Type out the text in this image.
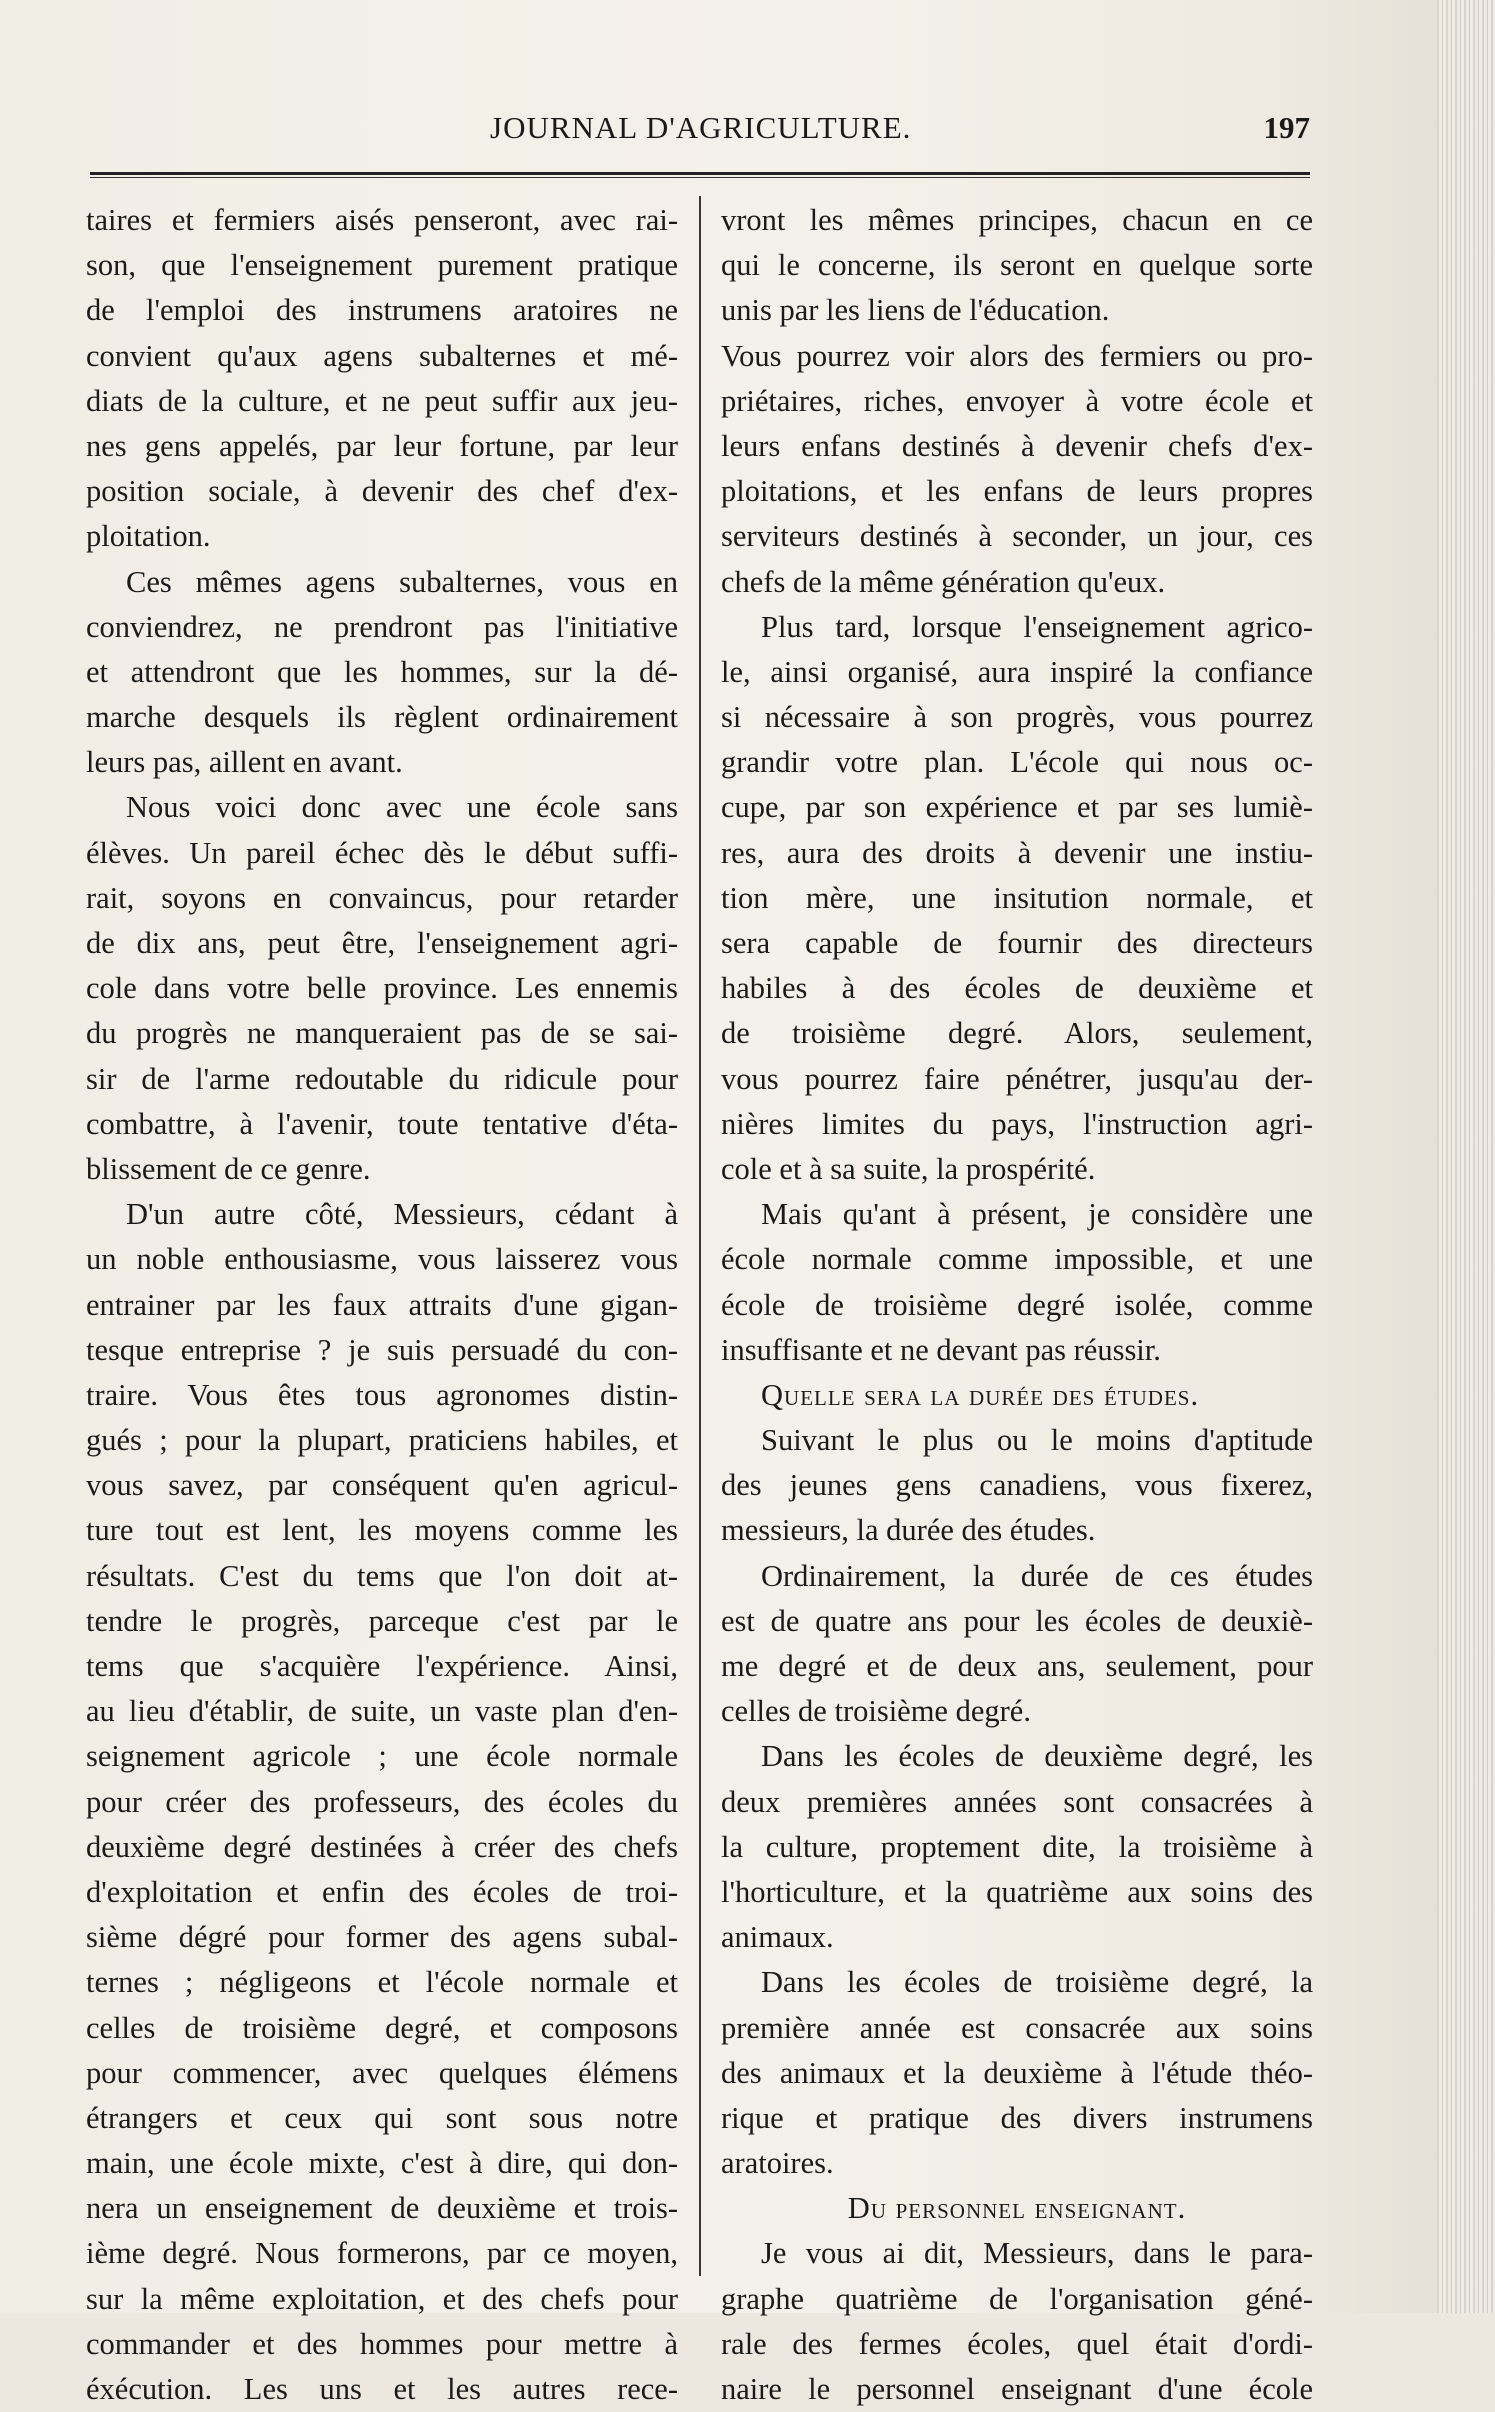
JOURNAL D'AGRICULTURE.	197
taires et fermiers aisés penseront, avec rai-
son, que l'enseignement purement pratique
de l'emploi des instrumens aratoires ne
convient qu'aux agens subalternes et mé-
diats de la culture, et ne peut suffir aux jeu-
nes gens appelés, par leur fortune, par leur
position sociale, à devenir des chef d'ex-
ploitation.
Ces mêmes agens subalternes, vous en
conviendrez, ne prendront pas l'initiative
et attendront que les hommes, sur la dé-
marche desquels ils règlent ordinairement
leurs pas, aillent en avant.
Nous voici donc avec une école sans
élèves. Un pareil échec dès le début suffi-
rait, soyons en convaincus, pour retarder
de dix ans, peut être, l'enseignement agri-
cole dans votre belle province. Les ennemis
du progrès ne manqueraient pas de se sai-
sir de l'arme redoutable du ridicule pour
combattre, à l'avenir, toute tentative d'éta-
blissement de ce genre.
D'un autre côté, Messieurs, cédant à
un noble enthousiasme, vous laisserez vous
entrainer par les faux attraits d'une gigan-
tesque entreprise ? je suis persuadé du con-
traire. Vous êtes tous agronomes distin-
gués ; pour la plupart, praticiens habiles, et
vous savez, par conséquent qu'en agricul-
ture tout est lent, les moyens comme les
résultats. C'est du tems que l'on doit at-
tendre le progrès, parceque c'est par le
tems que s'acquière l'expérience. Ainsi,
au lieu d'établir, de suite, un vaste plan d'en-
seignement agricole ; une école normale
pour créer des professeurs, des écoles du
deuxième degré destinées à créer des chefs
d'exploitation et enfin des écoles de troi-
sième dégré pour former des agens subal-
ternes ; négligeons et l'école normale et
celles de troisième degré, et composons
pour commencer, avec quelques élémens
étrangers et ceux qui sont sous notre
main, une école mixte, c'est à dire, qui don-
nera un enseignement de deuxième et trois-
ième degré. Nous formerons, par ce moyen,
sur la même exploitation, et des chefs pour
commander et des hommes pour mettre à
éxécution. Les uns et les autres rece-
vront les mêmes principes, chacun en ce
qui le concerne, ils seront en quelque sorte
unis par les liens de l'éducation.
Vous pourrez voir alors des fermiers ou pro-
priétaires, riches, envoyer à votre école et
leurs enfans destinés à devenir chefs d'ex-
ploitations, et les enfans de leurs propres
serviteurs destinés à seconder, un jour, ces
chefs de la même génération qu'eux.
Plus tard, lorsque l'enseignement agrico-
le, ainsi organisé, aura inspiré la confiance
si nécessaire à son progrès, vous pourrez
grandir votre plan. L'école qui nous oc-
cupe, par son expérience et par ses lumiè-
res, aura des droits à devenir une instiu-
tion mère, une insitution normale, et
sera capable de fournir des directeurs
habiles à des écoles de deuxième et
de troisième degré. Alors, seulement,
vous pourrez faire pénétrer, jusqu'au der-
nières limites du pays, l'instruction agri-
cole et à sa suite, la prospérité.
Mais qu'ant à présent, je considère une
école normale comme impossible, et une
école de troisième degré isolée, comme
insuffisante et ne devant pas réussir.
Quelle sera la durée des études.
Suivant le plus ou le moins d'aptitude
des jeunes gens canadiens, vous fixerez,
messieurs, la durée des études.
Ordinairement, la durée de ces études
est de quatre ans pour les écoles de deuxiè-
me degré et de deux ans, seulement, pour
celles de troisième degré.
Dans les écoles de deuxième degré, les
deux premières années sont consacrées à
la culture, proptement dite, la troisième à
l'horticulture, et la quatrième aux soins des
animaux.
Dans les écoles de troisième degré, la
première année est consacrée aux soins
des animaux et la deuxième à l'étude théo-
rique et pratique des divers instrumens
aratoires.
Du personnel enseignant.
Je vous ai dit, Messieurs, dans le para-
graphe quatrième de l'organisation géné-
rale des fermes écoles, quel était d'ordi-
naire le personnel enseignant d'une école
